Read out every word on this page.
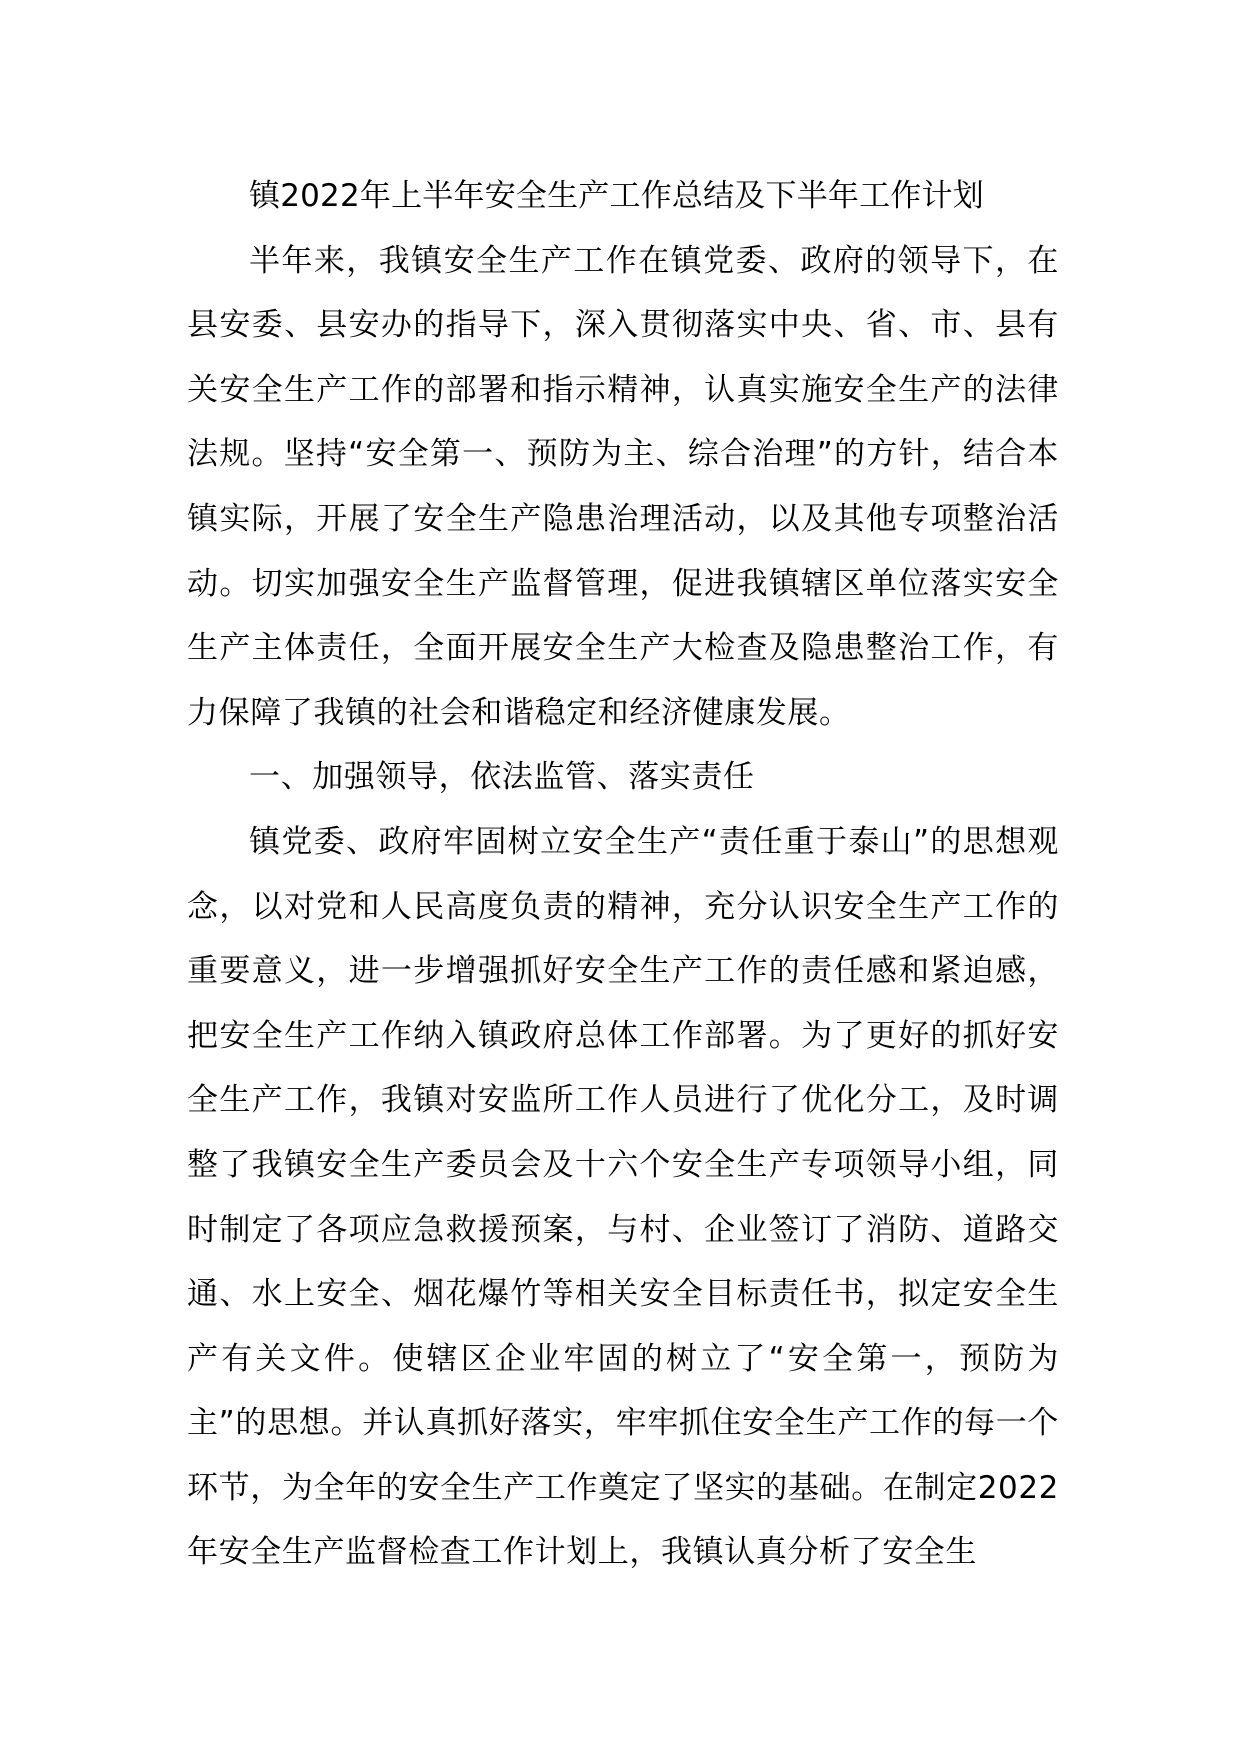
镇2022年上半年安全生产工作总结及下半年工作计划

半年来，我镇安全生产工作在镇党委、政府的领导下，在县安委、县安办的指导下，深入贯彻落实中央、省、市、县有关安全生产工作的部署和指示精神，认真实施安全生产的法律法规。坚持“安全第一、预防为主、综合治理”的方针，结合本镇实际，开展了安全生产隐患治理活动，以及其他专项整治活动。切实加强安全生产监督管理，促进我镇辖区单位落实安全生产主体责任，全面开展安全生产大检查及隐患整治工作，有力保障了我镇的社会和谐稳定和经济健康发展。

一、加强领导，依法监管、落实责任

镇党委、政府牢固树立安全生产“责任重于泰山”的思想观念，以对党和人民高度负责的精神，充分认识安全生产工作的重要意义，进一步增强抓好安全生产工作的责任感和紧迫感，把安全生产工作纳入镇政府总体工作部署。为了更好的抓好安全生产工作，我镇对安监所工作人员进行了优化分工，及时调整了我镇安全生产委员会及十六个安全生产专项领导小组，同时制定了各项应急救援预案，与村、企业签订了消防、道路交通、水上安全、烟花爆竹等相关安全目标责任书，拟定安全生产有关文件。使辖区企业牢固的树立了“安全第一，预防为主”的思想。并认真抓好落实，牢牢抓住安全生产工作的每一个环节，为全年的安全生产工作奠定了坚实的基础。在制定2022年安全生产监督检查工作计划上，我镇认真分析了安全生
